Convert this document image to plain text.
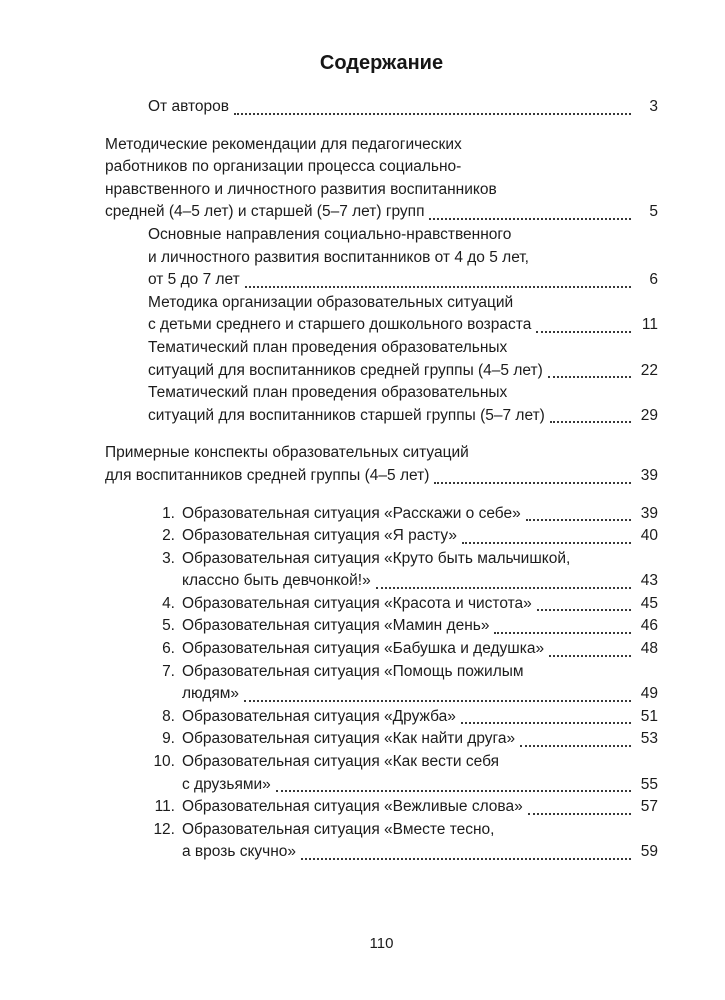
Содержание
От авторов	3
Методические рекомендации для педагогических
работников по организации процесса социально-
нравственного и личностного развития воспитанников
средней (4–5 лет) и старшей (5–7 лет) групп	5
Основные направления социально-нравственного
и личностного развития воспитанников от 4 до 5 лет,
от 5 до 7 лет	6
Методика организации образовательных ситуаций
с детьми среднего и старшего дошкольного возраста	11
Тематический план проведения образовательных
ситуаций для воспитанников средней группы (4–5 лет)	22
Тематический план проведения образовательных
ситуаций для воспитанников старшей группы (5–7 лет)	29
Примерные конспекты образовательных ситуаций
для воспитанников средней группы (4–5 лет)	39
1. Образовательная ситуация «Расскажи о себе»	39
2. Образовательная ситуация «Я расту»	40
3. Образовательная ситуация «Круто быть мальчишкой,
классно быть девчонкой!»	43
4. Образовательная ситуация «Красота и чистота»	45
5. Образовательная ситуация «Мамин день»	46
6. Образовательная ситуация «Бабушка и дедушка»	48
7. Образовательная ситуация «Помощь пожилым
людям»	49
8. Образовательная ситуация «Дружба»	51
9. Образовательная ситуация «Как найти друга»	53
10. Образовательная ситуация «Как вести себя
с друзьями»	55
11. Образовательная ситуация «Вежливые слова»	57
12. Образовательная ситуация «Вместе тесно,
а врозь скучно»	59
110
